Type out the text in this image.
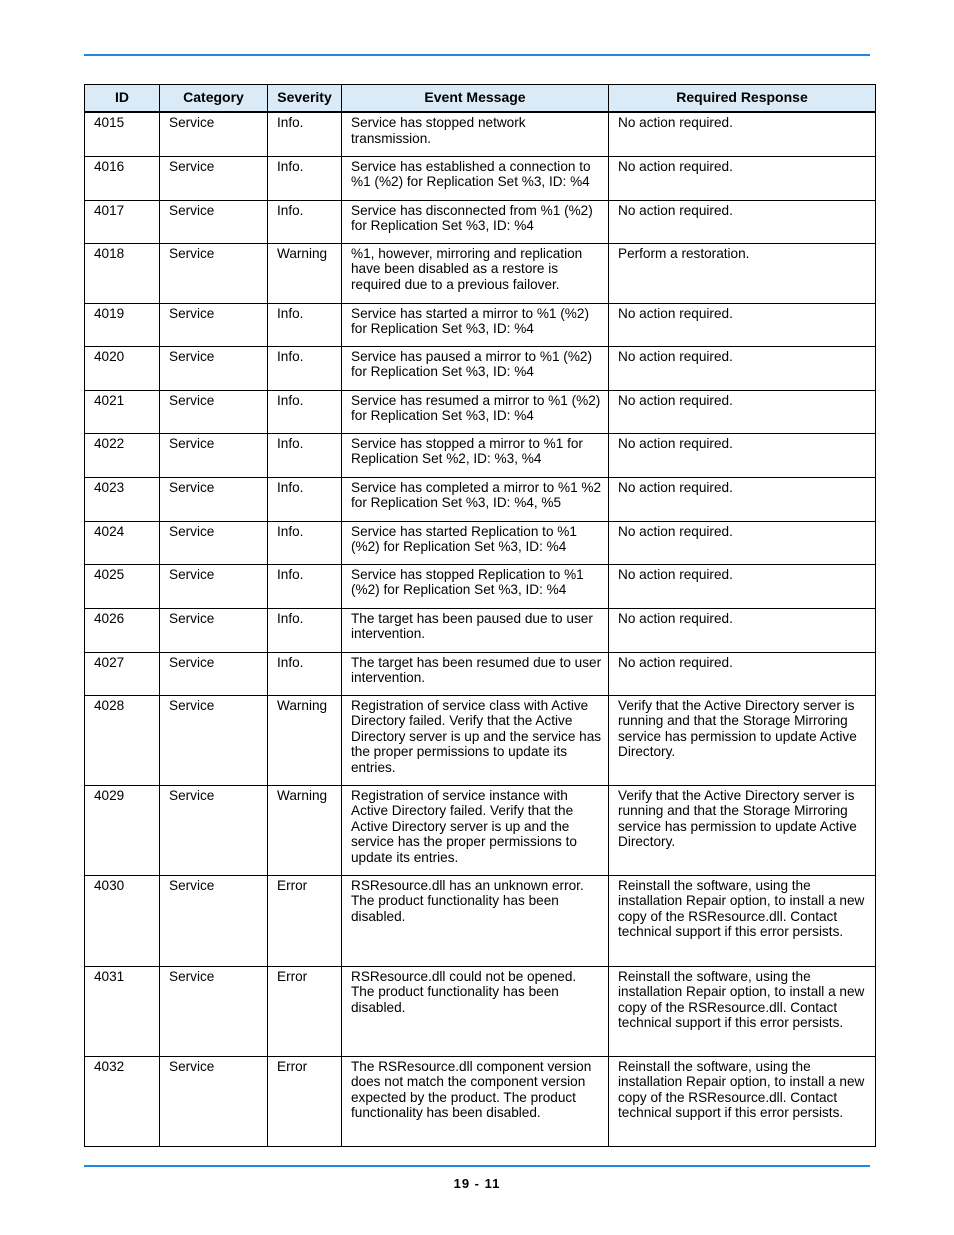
ID	Category	Severity	Event Message	Required Response
4015	Service	Info.	Service has stopped network transmission.	No action required.
4016	Service	Info.	Service has established a connection to %1 (%2) for Replication Set %3, ID: %4	No action required.
4017	Service	Info.	Service has disconnected from %1 (%2) for Replication Set %3, ID: %4	No action required.
4018	Service	Warning	%1, however, mirroring and replication have been disabled as a restore is required due to a previous failover.	Perform a restoration.
4019	Service	Info.	Service has started a mirror to %1 (%2) for Replication Set %3, ID: %4	No action required.
4020	Service	Info.	Service has paused a mirror to %1 (%2) for Replication Set %3, ID: %4	No action required.
4021	Service	Info.	Service has resumed a mirror to %1 (%2) for Replication Set %3, ID: %4	No action required.
4022	Service	Info.	Service has stopped a mirror to %1 for Replication Set %2, ID: %3, %4	No action required.
4023	Service	Info.	Service has completed a mirror to %1 %2 for Replication Set %3, ID: %4, %5	No action required.
4024	Service	Info.	Service has started Replication to %1 (%2) for Replication Set %3, ID: %4	No action required.
4025	Service	Info.	Service has stopped Replication to %1 (%2) for Replication Set %3, ID: %4	No action required.
4026	Service	Info.	The target has been paused due to user intervention.	No action required.
4027	Service	Info.	The target has been resumed due to user intervention.	No action required.
4028	Service	Warning	Registration of service class with Active Directory failed. Verify that the Active Directory server is up and the service has the proper permissions to update its entries.	Verify that the Active Directory server is running and that the Storage Mirroring service has permission to update Active Directory.
4029	Service	Warning	Registration of service instance with Active Directory failed. Verify that the Active Directory server is up and the service has the proper permissions to update its entries.	Verify that the Active Directory server is running and that the Storage Mirroring service has permission to update Active Directory.
4030	Service	Error	RSResource.dll has an unknown error. The product functionality has been disabled.	Reinstall the software, using the installation Repair option, to install a new copy of the RSResource.dll. Contact technical support if this error persists.
4031	Service	Error	RSResource.dll could not be opened. The product functionality has been disabled.	Reinstall the software, using the installation Repair option, to install a new copy of the RSResource.dll. Contact technical support if this error persists.
4032	Service	Error	The RSResource.dll component version does not match the component version expected by the product. The product functionality has been disabled.	Reinstall the software, using the installation Repair option, to install a new copy of the RSResource.dll. Contact technical support if this error persists.
19 - 11
